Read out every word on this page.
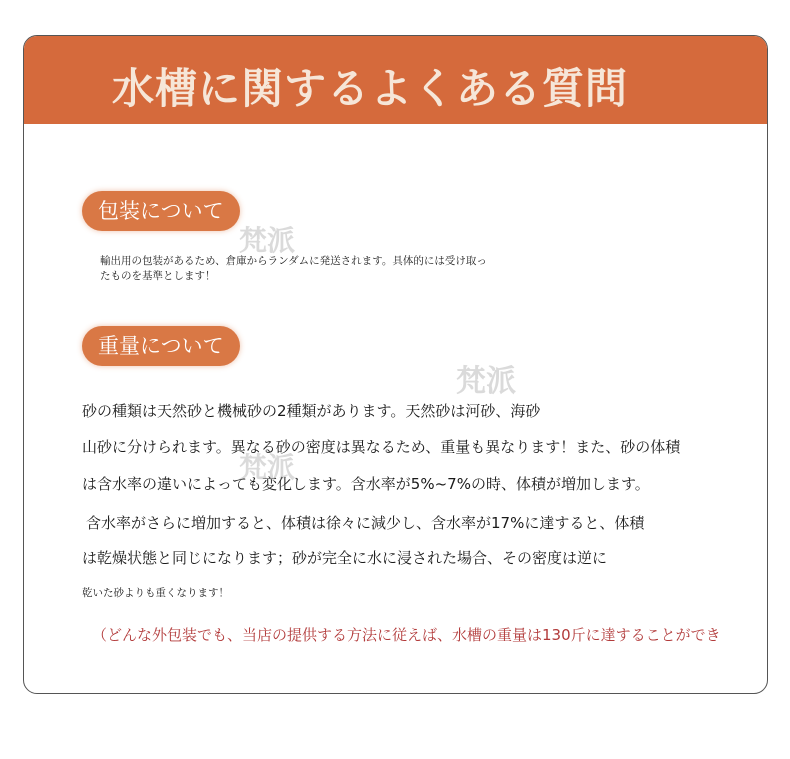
水槽に関するよくある質問
包装について
輸出用の包装があるため、倉庫からランダムに発送されます。具体的には受け取っ
たものを基準とします！
重量について
砂の種類は天然砂と機械砂の2種類があります。天然砂は河砂、海砂
山砂に分けられます。異なる砂の密度は異なるため、重量も異なります！また、砂の体積
は含水率の違いによっても変化します。含水率が5%~7%の時、体積が増加します。
含水率がさらに増加すると、体積は徐々に減少し、含水率が17%に達すると、体積
は乾燥状態と同じになります；砂が完全に水に浸された場合、その密度は逆に
乾いた砂よりも重くなります！
（どんな外包装でも、当店の提供する方法に従えば、水槽の重量は130斤に達することができ
梵派
梵派
梵派
